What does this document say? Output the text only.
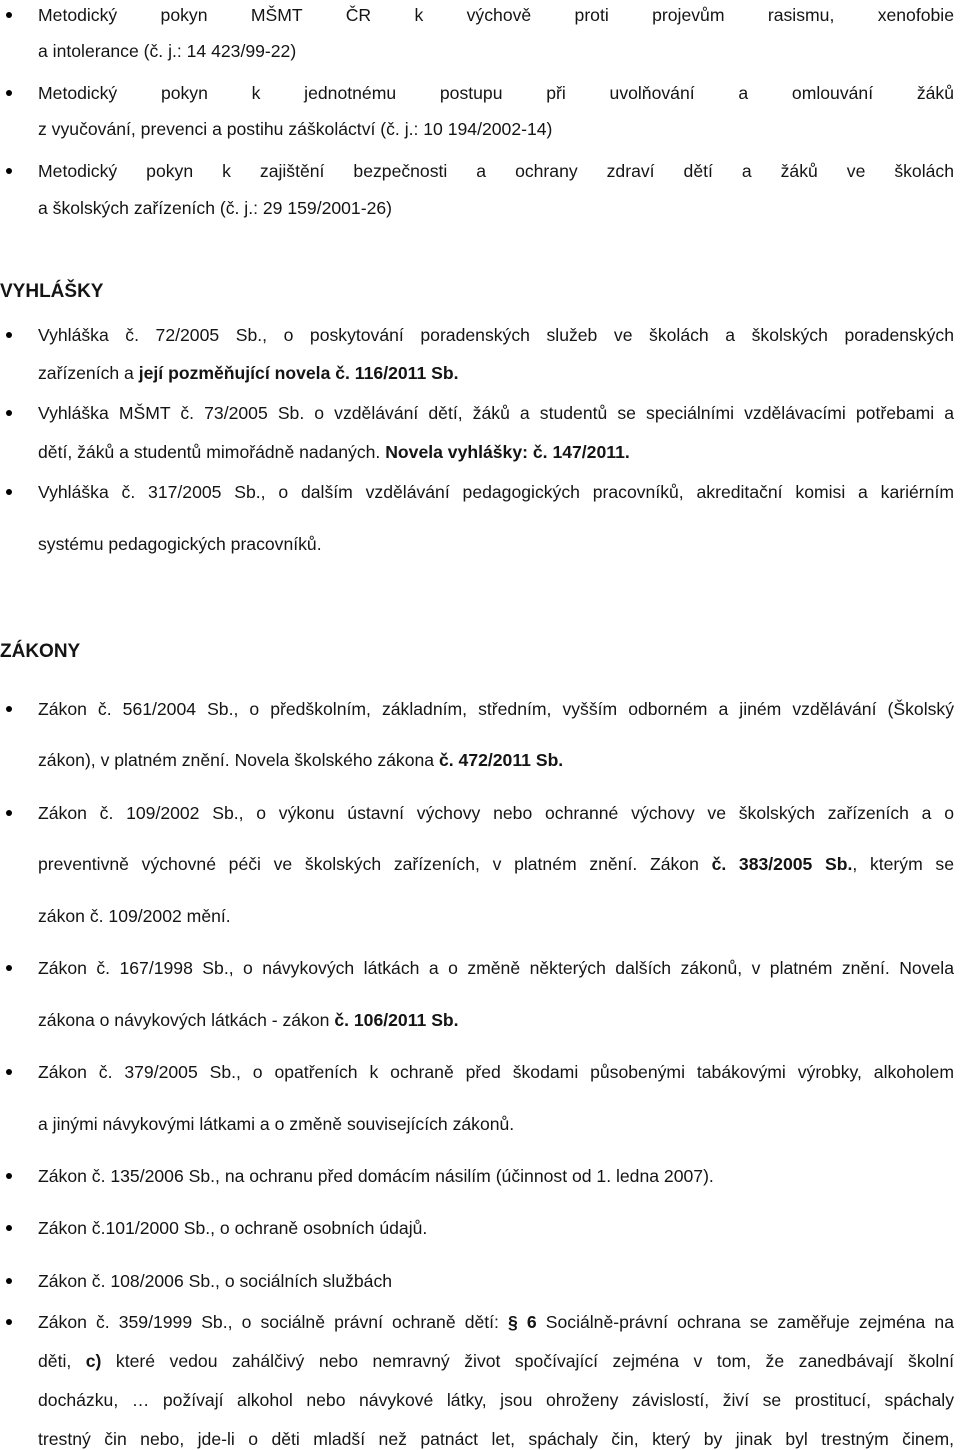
VYHLÁŠKY
ZÁKONY
Metodický pokyn MŠMT ČR k výchově proti projevům rasismu, xenofobie
a intolerance (č. j.: 14 423/99-22)
Metodický pokyn k jednotnému postupu při uvolňování a omlouvání žáků
z vyučování, prevenci a postihu záškoláctví (č. j.: 10 194/2002-14)
Metodický pokyn k zajištění bezpečnosti a ochrany zdraví dětí a žáků ve školách
a školských zařízeních (č. j.: 29 159/2001-26)
Vyhláška č. 72/2005 Sb., o poskytování poradenských služeb ve školách a školských poradenských
zařízeních a její pozměňující novela č. 116/2011 Sb.
Vyhláška MŠMT č. 73/2005 Sb. o vzdělávání dětí, žáků a studentů se speciálními vzdělávacími potřebami a
dětí, žáků a studentů mimořádně nadaných. Novela vyhlášky: č. 147/2011.
Vyhláška č. 317/2005 Sb., o dalším vzdělávání pedagogických pracovníků, akreditační komisi a kariérním
systému pedagogických pracovníků.
Zákon č. 561/2004 Sb., o předškolním, základním, středním, vyšším odborném a jiném vzdělávání (Školský
zákon), v platném znění. Novela školského zákona č. 472/2011 Sb.
Zákon č. 109/2002 Sb., o výkonu ústavní výchovy nebo ochranné výchovy ve školských zařízeních a o
preventivně výchovné péči ve školských zařízeních, v platném znění. Zákon č. 383/2005 Sb., kterým se
zákon č. 109/2002 mění.
Zákon č. 167/1998 Sb., o návykových látkách a o změně některých dalších zákonů, v platném znění. Novela
zákona o návykových látkách - zákon č. 106/2011 Sb.
Zákon č. 379/2005 Sb., o opatřeních k ochraně před škodami působenými tabákovými výrobky, alkoholem
a jinými návykovými látkami a o změně souvisejících zákonů.
Zákon č. 135/2006 Sb., na ochranu před domácím násilím (účinnost od 1. ledna 2007).
Zákon č.101/2000 Sb., o ochraně osobních údajů.
Zákon č. 108/2006 Sb., o sociálních službách
Zákon č. 359/1999 Sb., o sociálně právní ochraně dětí: § 6 Sociálně-právní ochrana se zaměřuje zejména na
děti, c) které vedou zahálčivý nebo nemravný život spočívající zejména v tom, že zanedbávají školní
docházku, … požívají alkohol nebo návykové látky, jsou ohroženy závislostí, živí se prostitucí, spáchaly
trestný čin nebo, jde-li o děti mladší než patnáct let, spáchaly čin, který by jinak byl trestným činem,
